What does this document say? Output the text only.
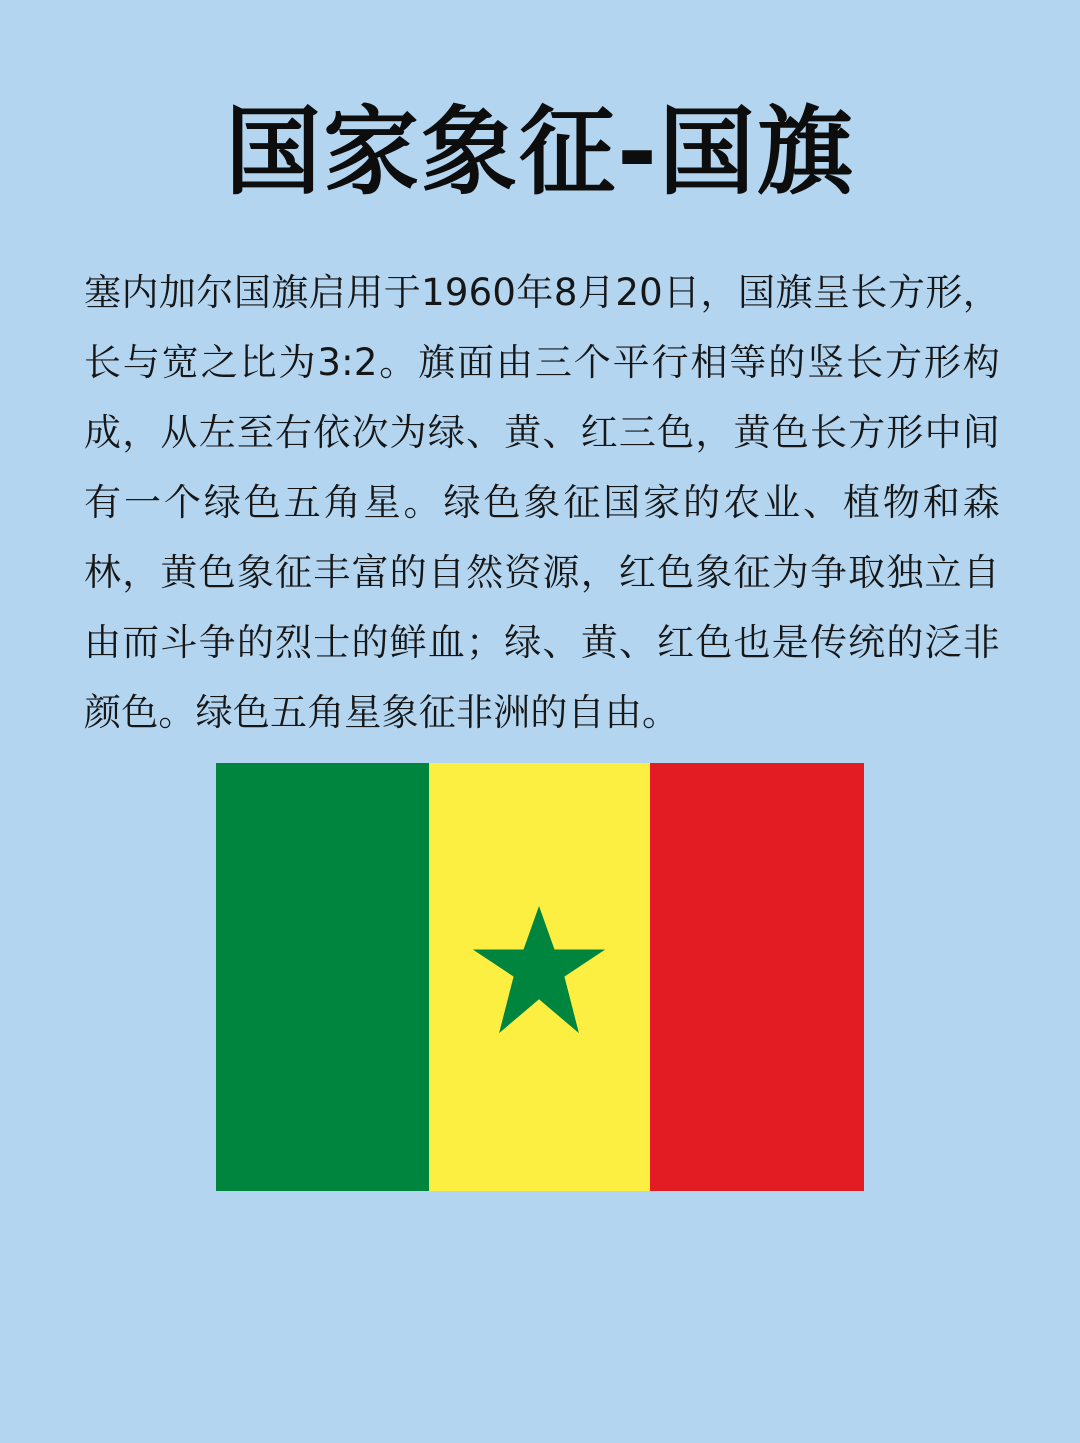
国家象征-国旗
塞内加尔国旗启用于1960年8月20日，国旗呈长方形，长与宽之比为3:2。旗面由三个平行相等的竖长方形构成，从左至右依次为绿、黄、红三色，黄色长方形中间有一个绿色五角星。绿色象征国家的农业、植物和森林，黄色象征丰富的自然资源，红色象征为争取独立自由而斗争的烈士的鲜血；绿、黄、红色也是传统的泛非颜色。绿色五角星象征非洲的自由。
